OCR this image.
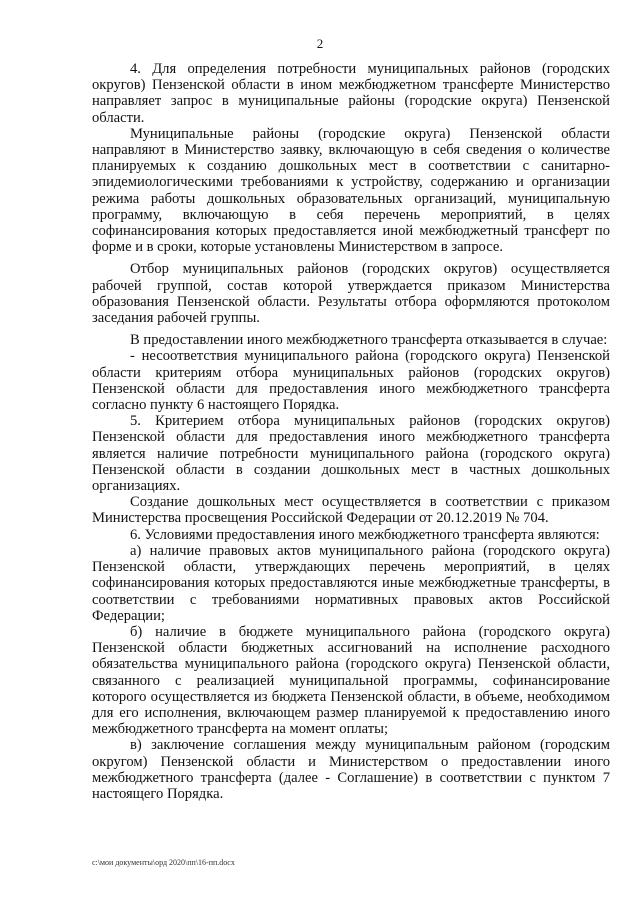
2

4. Для определения потребности муниципальных районов (городских округов) Пензенской области в ином межбюджетном трансферте Министерство направляет запрос в муниципальные районы (городские округа) Пензенской области.

Муниципальные районы (городские округа) Пензенской области направляют в Министерство заявку, включающую в себя сведения о количестве планируемых к созданию дошкольных мест в соответствии с санитарно-эпидемиологическими требованиями к устройству, содержанию и организации режима работы дошкольных образовательных организаций, муниципальную программу, включающую в себя перечень мероприятий, в целях софинансирования которых предоставляется иной межбюджетный трансферт по форме и в сроки, которые установлены Министерством в запросе.

Отбор муниципальных районов (городских округов) осуществляется рабочей группой, состав которой утверждается приказом Министерства образования Пензенской области. Результаты отбора оформляются протоколом заседания рабочей группы.

В предоставлении иного межбюджетного трансферта отказывается в случае:

- несоответствия муниципального района (городского округа) Пензенской области критериям отбора муниципальных районов (городских округов) Пензенской области для предоставления иного межбюджетного трансферта согласно пункту 6 настоящего Порядка.

5. Критерием отбора муниципальных районов (городских округов) Пензенской области для предоставления иного межбюджетного трансферта является наличие потребности муниципального района (городского округа) Пензенской области в создании дошкольных мест в частных дошкольных организациях.

Создание дошкольных мест осуществляется в соответствии с приказом Министерства просвещения Российской Федерации от 20.12.2019 № 704.

6. Условиями предоставления иного межбюджетного трансферта являются:

а) наличие правовых актов муниципального района (городского округа) Пензенской области, утверждающих перечень мероприятий, в целях софинансирования которых предоставляются иные межбюджетные трансферты, в соответствии с требованиями нормативных правовых актов Российской Федерации;

б) наличие в бюджете муниципального района (городского округа) Пензенской области бюджетных ассигнований на исполнение расходного обязательства муниципального района (городского округа) Пензенской области, связанного с реализацией муниципальной программы, софинансирование которого осуществляется из бюджета Пензенской области, в объеме, необходимом для его исполнения, включающем размер планируемой к предоставлению иного межбюджетного трансферта на момент оплаты;

в) заключение соглашения между муниципальным районом (городским округом) Пензенской области и Министерством о предоставлении иного межбюджетного трансферта (далее - Соглашение) в соответствии с пунктом 7 настоящего Порядка.

c:\мои документы\орд 2020\пп\16-пп.docx
